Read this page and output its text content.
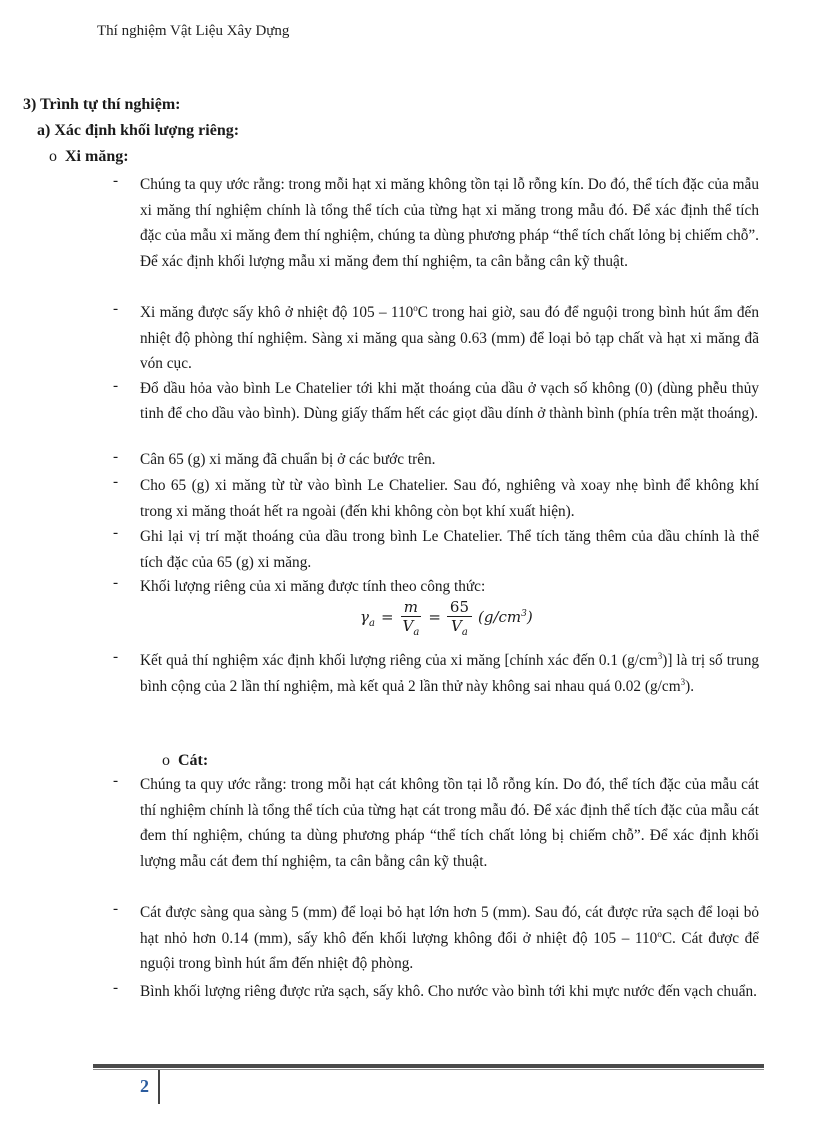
Thí nghiệm Vật Liệu Xây Dựng
3) Trình tự thí nghiệm:
a) Xác định khối lượng riêng:
o Xi măng:
- Chúng ta quy ước rằng: trong mỗi hạt xi măng không tồn tại lỗ rỗng kín. Do đó, thể tích đặc của mẫu xi măng thí nghiệm chính là tổng thể tích của từng hạt xi măng trong mẫu đó. Để xác định thể tích đặc của mẫu xi măng đem thí nghiệm, chúng ta dùng phương pháp “thể tích chất lỏng bị chiếm chỗ”. Để xác định khối lượng mẫu xi măng đem thí nghiệm, ta cân bằng cân kỹ thuật.
- Xi măng được sấy khô ở nhiệt độ 105 – 110$^o$C trong hai giờ, sau đó để nguội trong bình hút ẩm đến nhiệt độ phòng thí nghiệm. Sàng xi măng qua sàng 0.63 (mm) để loại bỏ tạp chất và hạt xi măng đã vón cục.
- Đổ dầu hỏa vào bình Le Chatelier tới khi mặt thoáng của dầu ở vạch số không (0) (dùng phễu thủy tinh để cho dầu vào bình). Dùng giấy thấm hết các giọt dầu dính ở thành bình (phía trên mặt thoáng).
- Cân 65 (g) xi măng đã chuẩn bị ở các bước trên.
- Cho 65 (g) xi măng từ từ vào bình Le Chatelier. Sau đó, nghiêng và xoay nhẹ bình để không khí trong xi măng thoát hết ra ngoài (đến khi không còn bọt khí xuất hiện).
- Ghi lại vị trí mặt thoáng của dầu trong bình Le Chatelier. Thể tích tăng thêm của dầu chính là thể tích đặc của 65 (g) xi măng.
- Khối lượng riêng của xi măng được tính theo công thức:
- Kết quả thí nghiệm xác định khối lượng riêng của xi măng [chính xác đến 0.1 $(g/cm^3)$] là trị số trung bình cộng của 2 lần thí nghiệm, mà kết quả 2 lần thử này không sai nhau quá 0.02 $(g/cm^3)$.
- Chúng ta quy ước rằng: trong mỗi hạt cát không tồn tại lỗ rỗng kín. Do đó, thể tích đặc của mẫu cát thí nghiệm chính là tổng thể tích của từng hạt cát trong mẫu đó. Để xác định thể tích đặc của mẫu cát đem thí nghiệm, chúng ta dùng phương pháp “thể tích chất lỏng bị chiếm chỗ”. Để xác định khối lượng mẫu cát đem thí nghiệm, ta cân bằng cân kỹ thuật.
- Cát được sàng qua sàng 5 (mm) để loại bỏ hạt lớn hơn 5 (mm). Sau đó, cát được rửa sạch để loại bỏ hạt nhỏ hơn 0.14 (mm), sấy khô đến khối lượng không đổi ở nhiệt độ 105 – 110$^o$C. Cát được để nguội trong bình hút ẩm đến nhiệt độ phòng.
- Bình khối lượng riêng được rửa sạch, sấy khô. Cho nước vào bình tới khi mực nước đến vạch chuẩn.
$\gamma_a = \frac{m}{V_a} = \frac{65}{V_a} (g/cm^3)$
o Cát:
2
